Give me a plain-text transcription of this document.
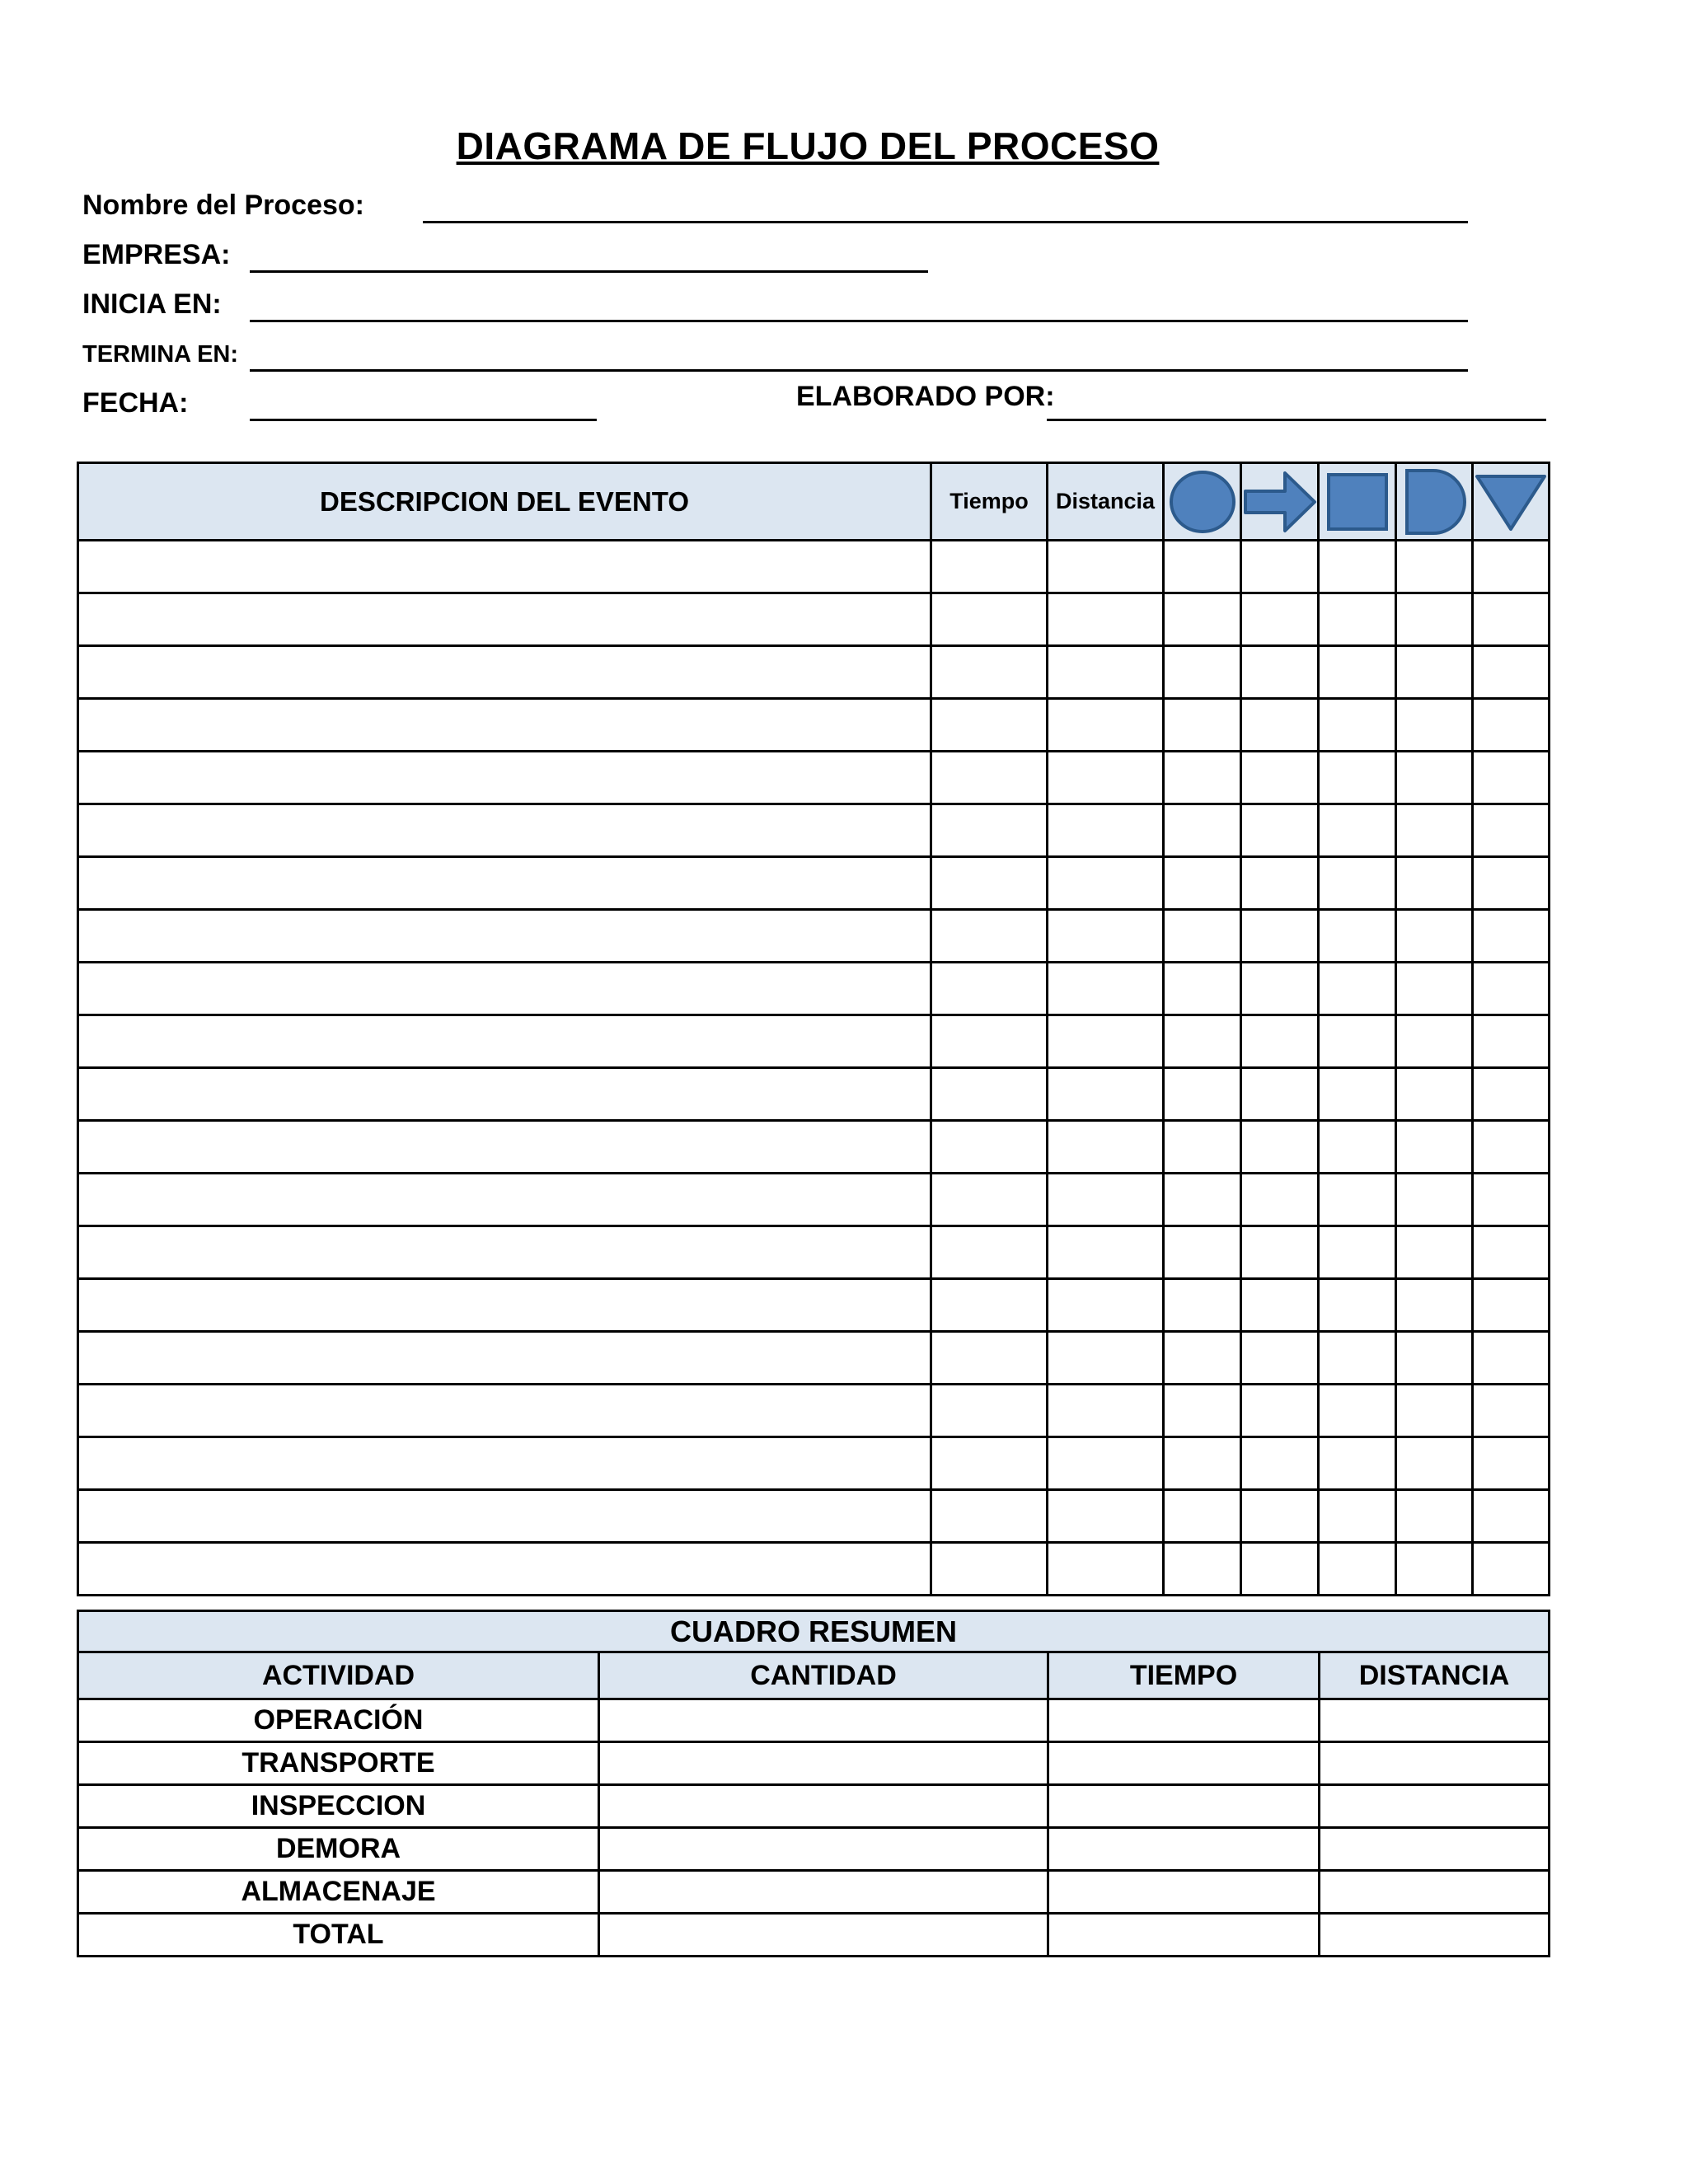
DIAGRAMA DE FLUJO DEL PROCESO
Nombre del Proceso:
EMPRESA:
INICIA EN:
TERMINA EN:
FECHA:	ELABORADO POR:
DESCRIPCION DEL EVENTO	Tiempo	Distancia	

CUADRO RESUMEN			
ACTIVIDAD	CANTIDAD	TIEMPO	DISTANCIA
OPERACIÓN			
TRANSPORTE			
INSPECCION			
DEMORA			
ALMACENAJE			
TOTAL			
